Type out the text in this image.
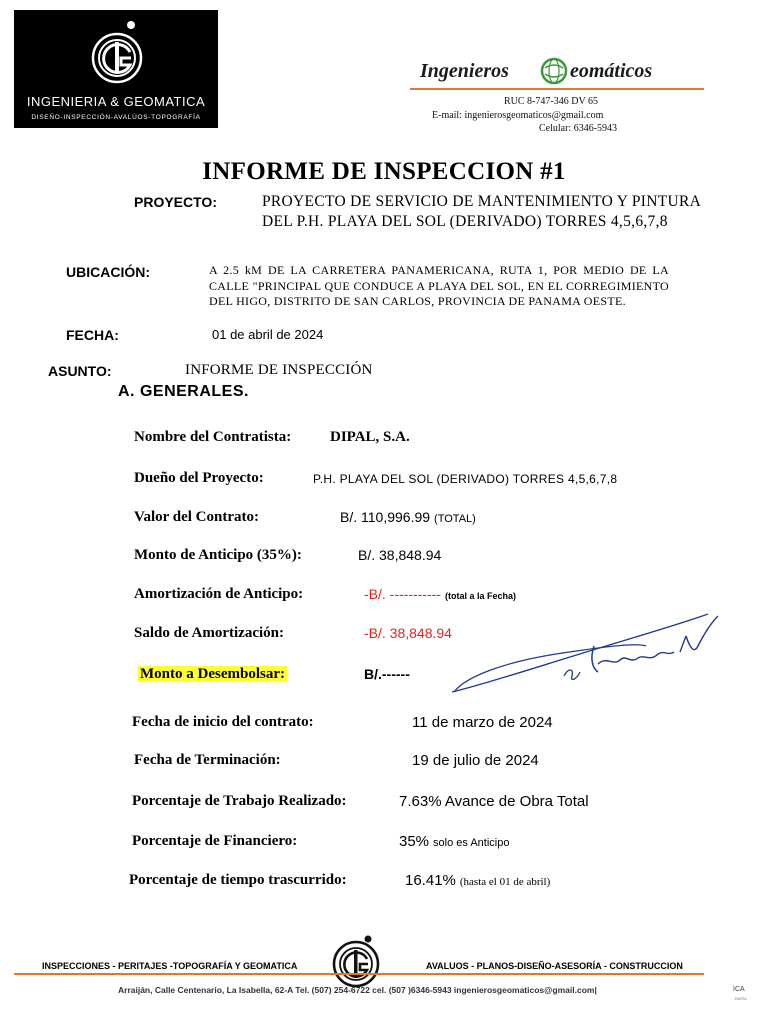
INGENIERIA & GEOMATICA
DISEÑO-INSPECCIÓN-AVALÚOS-TOPOGRAFÍA
Ingenieros	eomáticos
RUC 8-747-346 DV 65
E-mail: ingenierosgeomaticos@gmail.com
Celular: 6346-5943
INFORME DE INSPECCION #1
PROYECTO:	PROYECTO DE SERVICIO DE MANTENIMIENTO Y PINTURA DEL P.H. PLAYA DEL SOL (DERIVADO) TORRES 4,5,6,7,8
UBICACIÓN:	A 2.5 kM DE LA CARRETERA PANAMERICANA, RUTA 1, POR MEDIO DE LA CALLE "PRINCIPAL QUE CONDUCE A PLAYA DEL SOL, EN EL CORREGIMIENTO DEL HIGO, DISTRITO DE SAN CARLOS, PROVINCIA DE PANAMA OESTE.
FECHA:	01 de abril de 2024
ASUNTO:	INFORME DE INSPECCIÓN
A. GENERALES.
Nombre del Contratista:	DIPAL, S.A.
Dueño del Proyecto:	P.H. PLAYA DEL SOL (DERIVADO) TORRES 4,5,6,7,8
Valor del Contrato:	B/. 110,996.99 (TOTAL)
Monto de Anticipo (35%):	B/. 38,848.94
Amortización de Anticipo:	-B/. ----------- (total a la Fecha)
Saldo de Amortización:	-B/. 38,848.94
Monto a Desembolsar:	B/.------
Fecha de inicio del contrato:	11 de marzo de 2024
Fecha de Terminación:	19 de julio de 2024
Porcentaje de Trabajo Realizado:	7.63% Avance de Obra Total
Porcentaje de Financiero:	35% solo es Anticipo
Porcentaje de tiempo trascurrido:	16.41% (hasta el 01 de abril)
INSPECCIONES - PERITAJES -TOPOGRAFÍA Y GEOMATICA	AVALUOS - PLANOS-DISEÑO-ASESORÍA - CONSTRUCCION
Arraiján, Calle Centenario, La Isabella, 62-A Tel. (507) 254-6722 cel. (507 )6346-5943 ingenierosgeomaticos@gmail.com|	ICA
RAFÍA
